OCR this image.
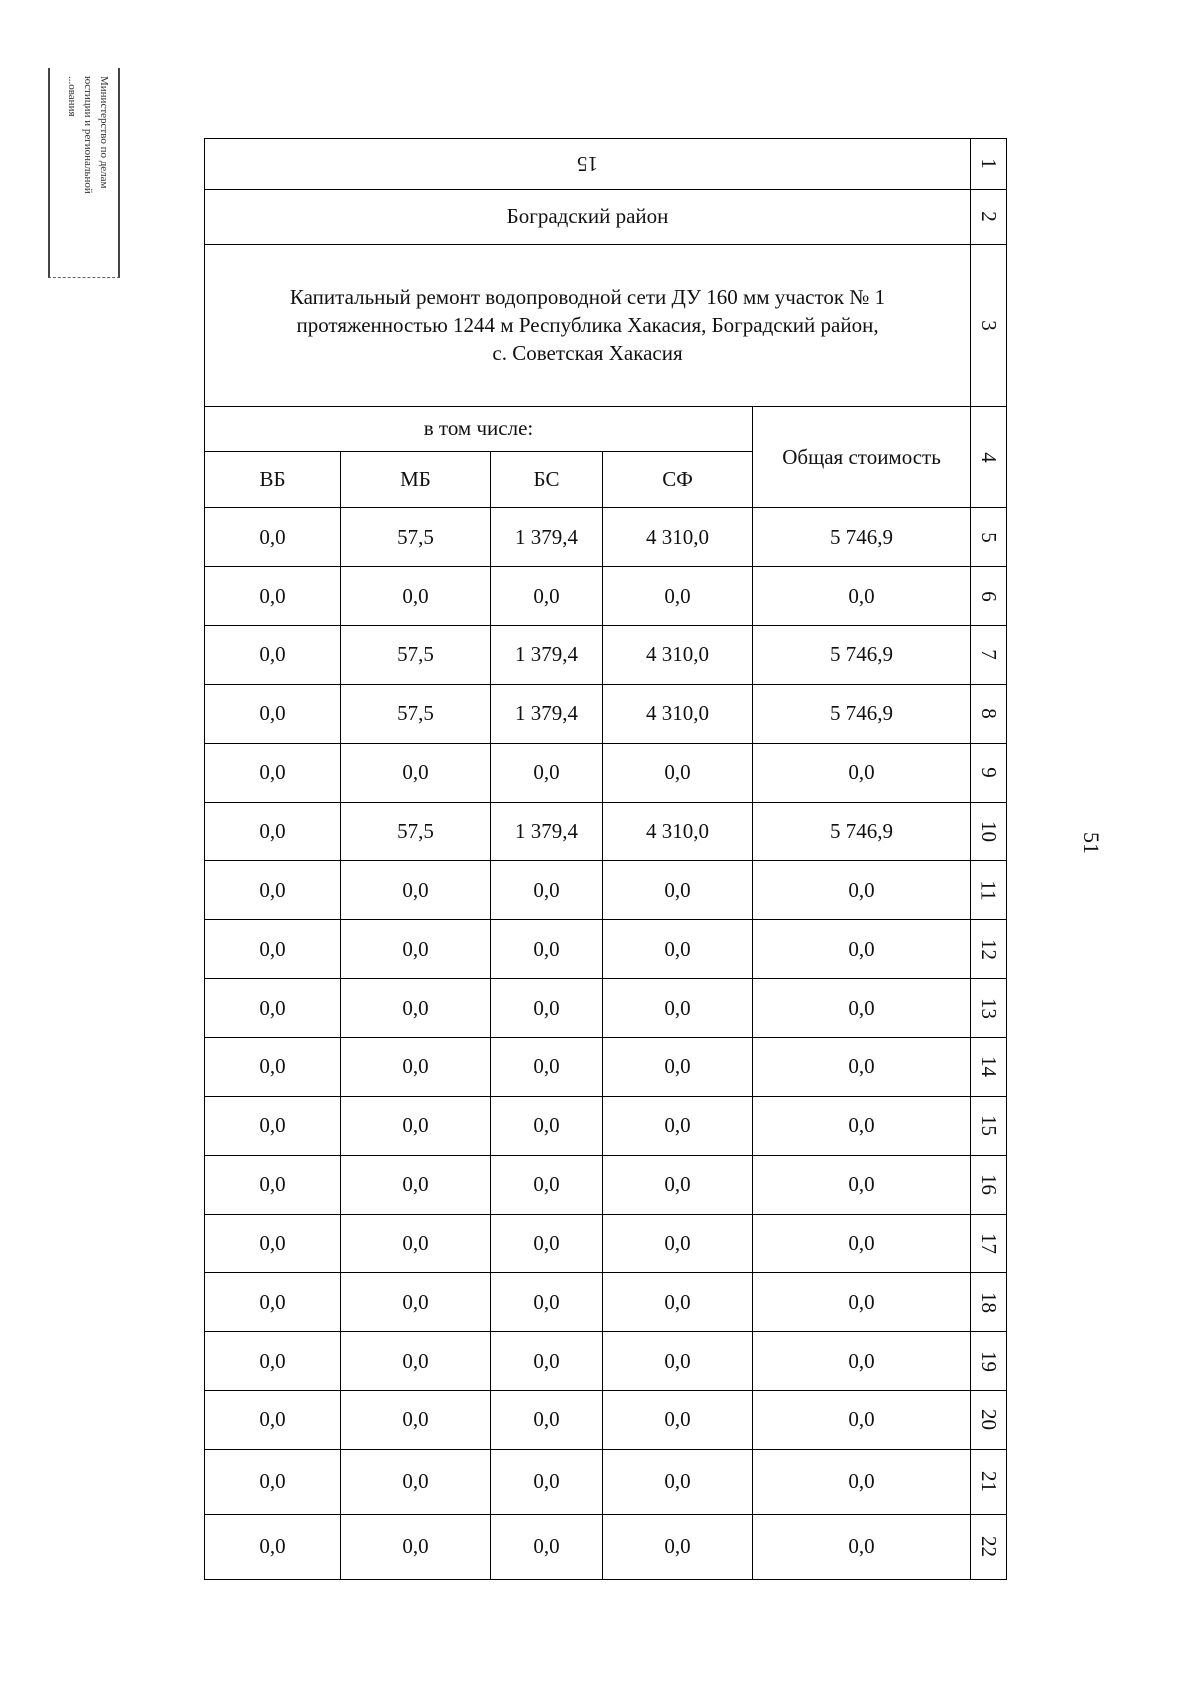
Министерство по делам
юстиции и региональной
...ования
51
15					1
Боградский район					2

Капитальный ремонт водопроводной сети ДУ 160 мм участок № 1
протяженностью 1244 м Республика Хакасия, Боградский район,
с. Советская Хакасия					3
в том числе:				Общая стоимость	4
ВБ	МБ	БС	СФ		
0,0	57,5	1 379,4	4 310,0	5 746,9	5
0,0	0,0	0,0	0,0	0,0	6
0,0	57,5	1 379,4	4 310,0	5 746,9	7
0,0	57,5	1 379,4	4 310,0	5 746,9	8
0,0	0,0	0,0	0,0	0,0	9
0,0	57,5	1 379,4	4 310,0	5 746,9	10
0,0	0,0	0,0	0,0	0,0	11
0,0	0,0	0,0	0,0	0,0	12
0,0	0,0	0,0	0,0	0,0	13
0,0	0,0	0,0	0,0	0,0	14
0,0	0,0	0,0	0,0	0,0	15
0,0	0,0	0,0	0,0	0,0	16
0,0	0,0	0,0	0,0	0,0	17
0,0	0,0	0,0	0,0	0,0	18
0,0	0,0	0,0	0,0	0,0	19
0,0	0,0	0,0	0,0	0,0	20
0,0	0,0	0,0	0,0	0,0	21
0,0	0,0	0,0	0,0	0,0	22
